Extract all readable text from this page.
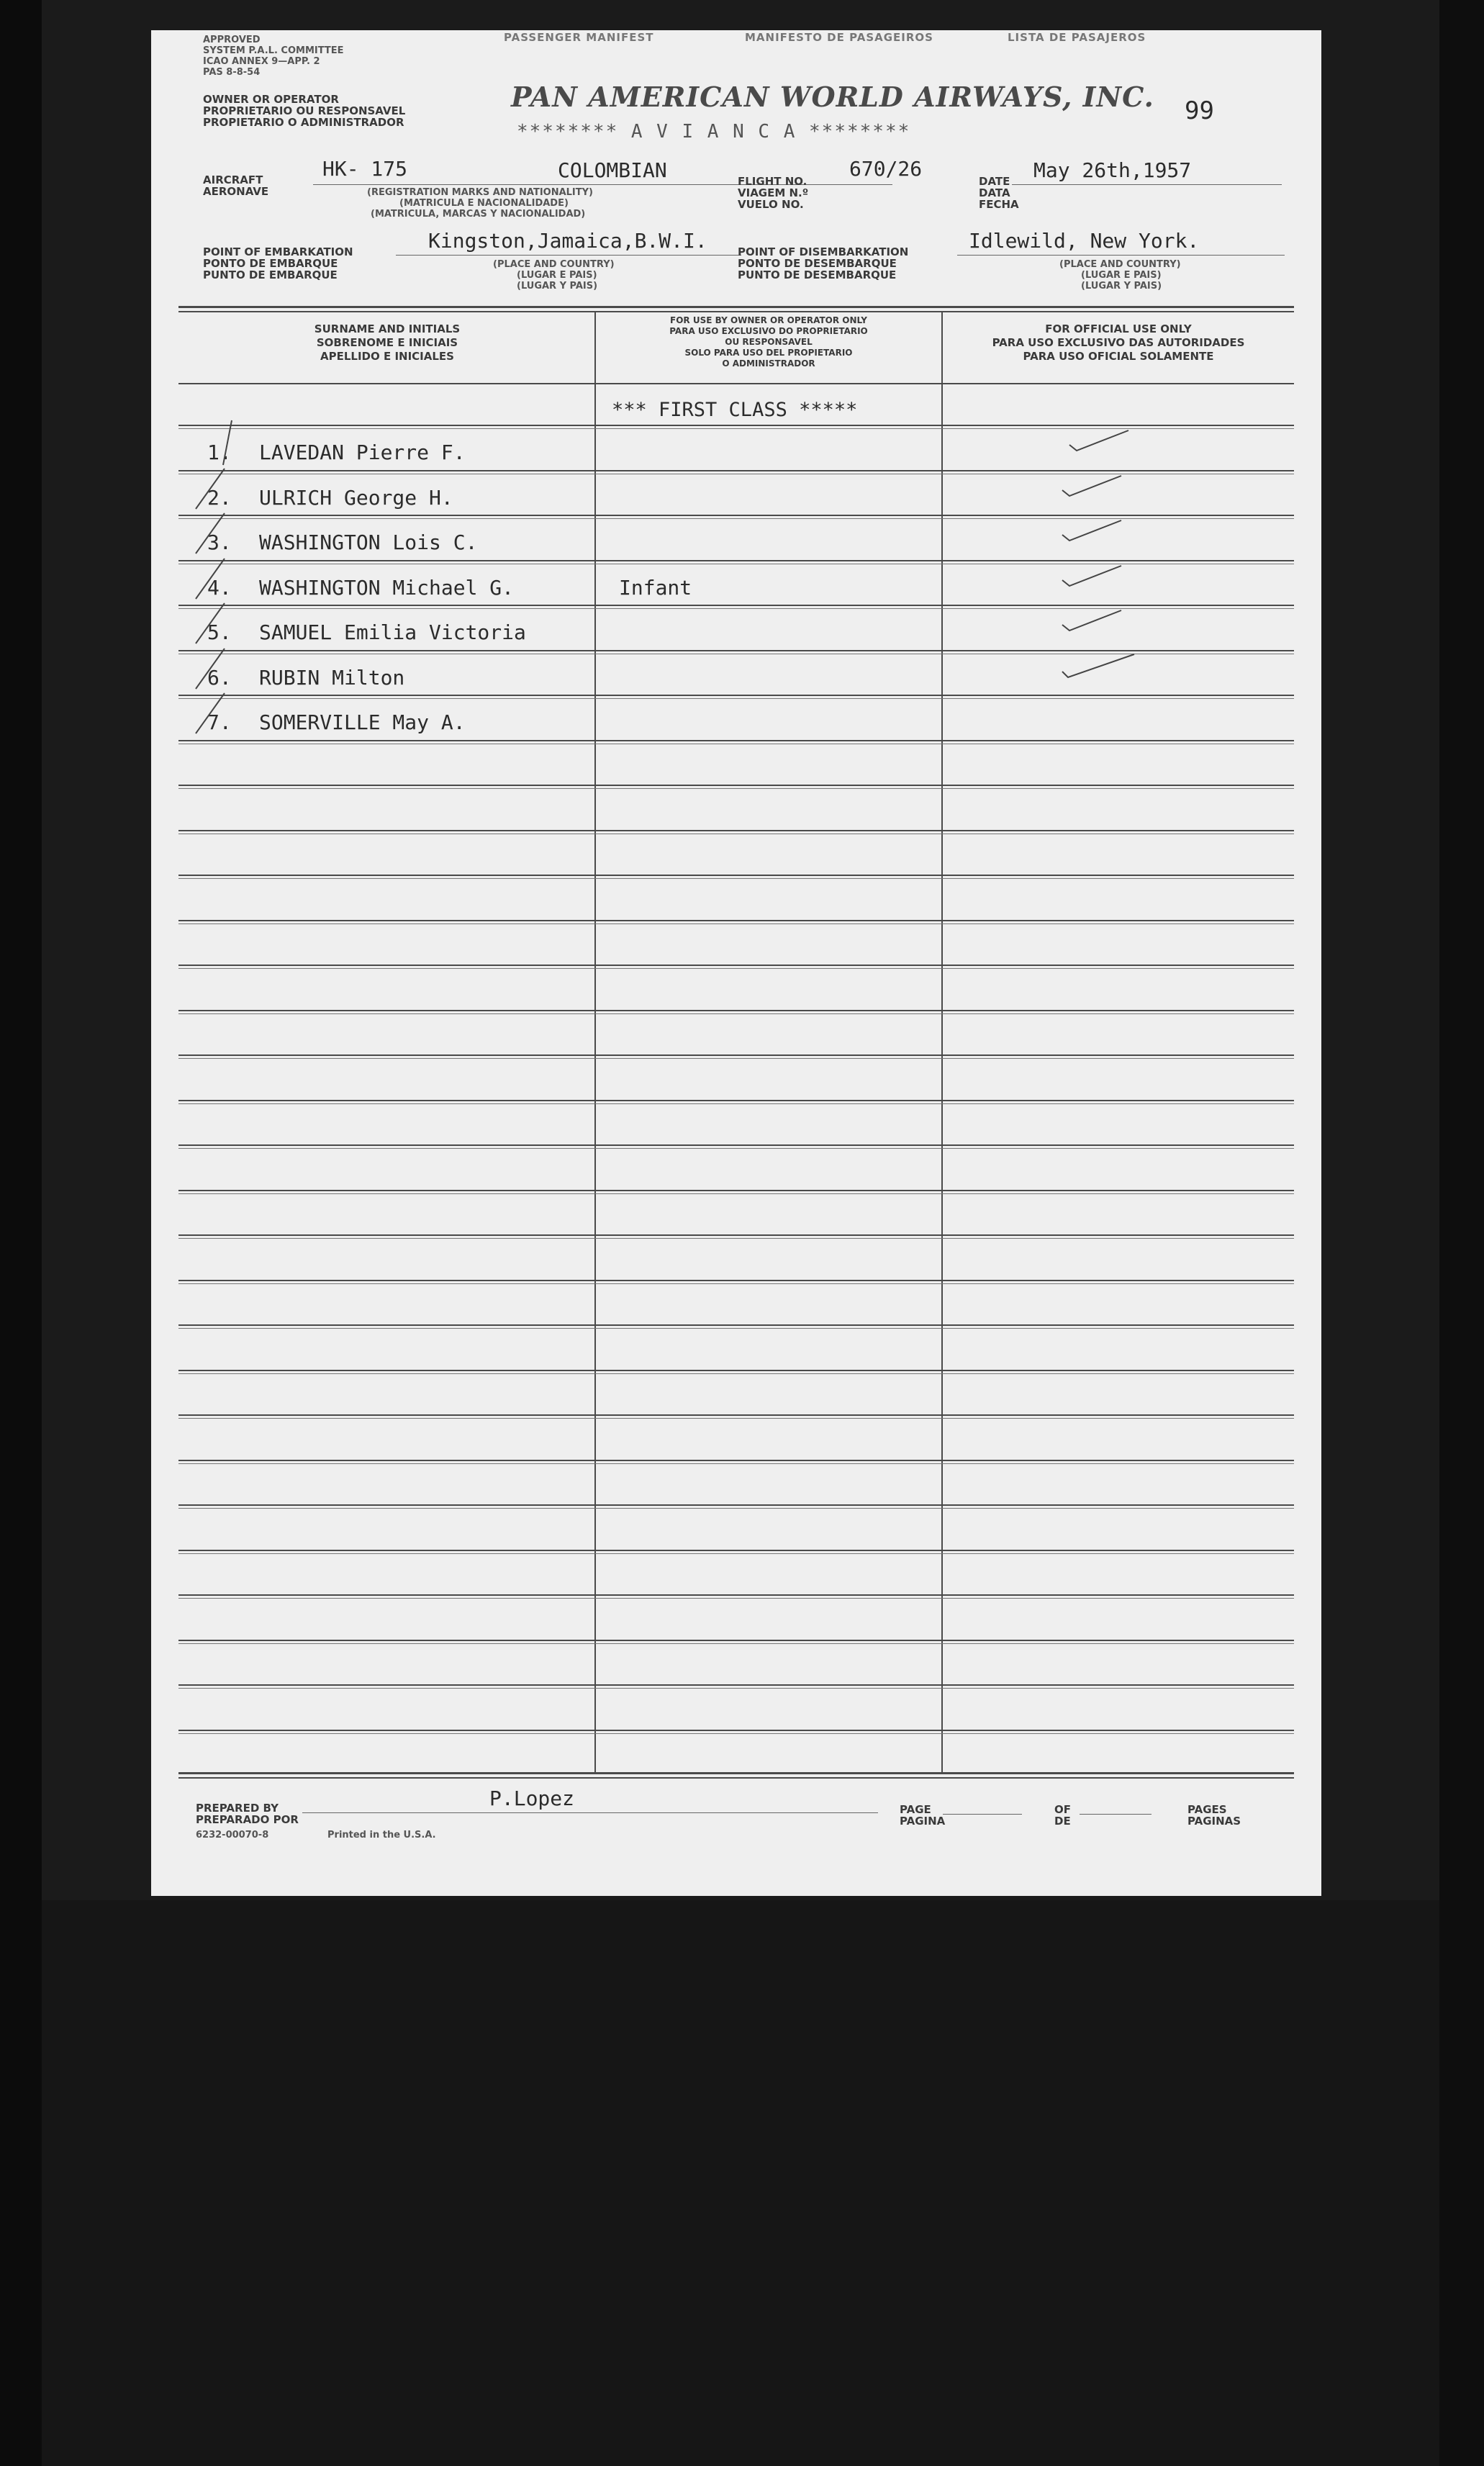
APPROVED
SYSTEM P.A.L. COMMITTEE
ICAO ANNEX 9—APP. 2
PAS 8-8-54
PASSENGER MANIFEST	MANIFESTO DE PASAGEIROS	LISTA DE PASAJEROS
OWNER OR OPERATOR
PROPRIETARIO OU RESPONSAVEL
PROPIETARIO O ADMINISTRADOR
PAN AMERICAN WORLD AIRWAYS, INC.
******** A V I A N C A ********
99
AIRCRAFT
AERONAVE
HK- 175	COLOMBIAN
(REGISTRATION MARKS AND NATIONALITY)
(MATRICULA E NACIONALIDADE)
(MATRICULA, MARCAS Y NACIONALIDAD)
FLIGHT NO.
VIAGEM N.º
VUELO NO.
670/26
DATE
DATA
FECHA
May 26th,1957
POINT OF EMBARKATION
PONTO DE EMBARQUE
PUNTO DE EMBARQUE
Kingston,Jamaica,B.W.I.
(PLACE AND COUNTRY)
(LUGAR E PAIS)
(LUGAR Y PAIS)
POINT OF DISEMBARKATION
PONTO DE DESEMBARQUE
PUNTO DE DESEMBARQUE
Idlewild, New York.
(PLACE AND COUNTRY)
(LUGAR E PAIS)
(LUGAR Y PAIS)
SURNAME AND INITIALS
SOBRENOME E INICIAIS
APELLIDO E INICIALES
FOR USE BY OWNER OR OPERATOR ONLY
PARA USO EXCLUSIVO DO PROPRIETARIO
OU RESPONSAVEL
SOLO PARA USO DEL PROPIETARIO
O ADMINISTRADOR
FOR OFFICIAL USE ONLY
PARA USO EXCLUSIVO DAS AUTORIDADES
PARA USO OFICIAL SOLAMENTE
*** FIRST CLASS *****
1. LAVEDAN Pierre F.
2. ULRICH George H.
3. WASHINGTON Lois C.
4. WASHINGTON Michael G.	Infant
5. SAMUEL Emilia Victoria
6. RUBIN Milton
7. SOMERVILLE May A.
PREPARED BY
PREPARADO POR
P.Lopez
6232-00070-8	Printed in the U.S.A.
PAGE
PAGINA
OF
DE
PAGES
PAGINAS
